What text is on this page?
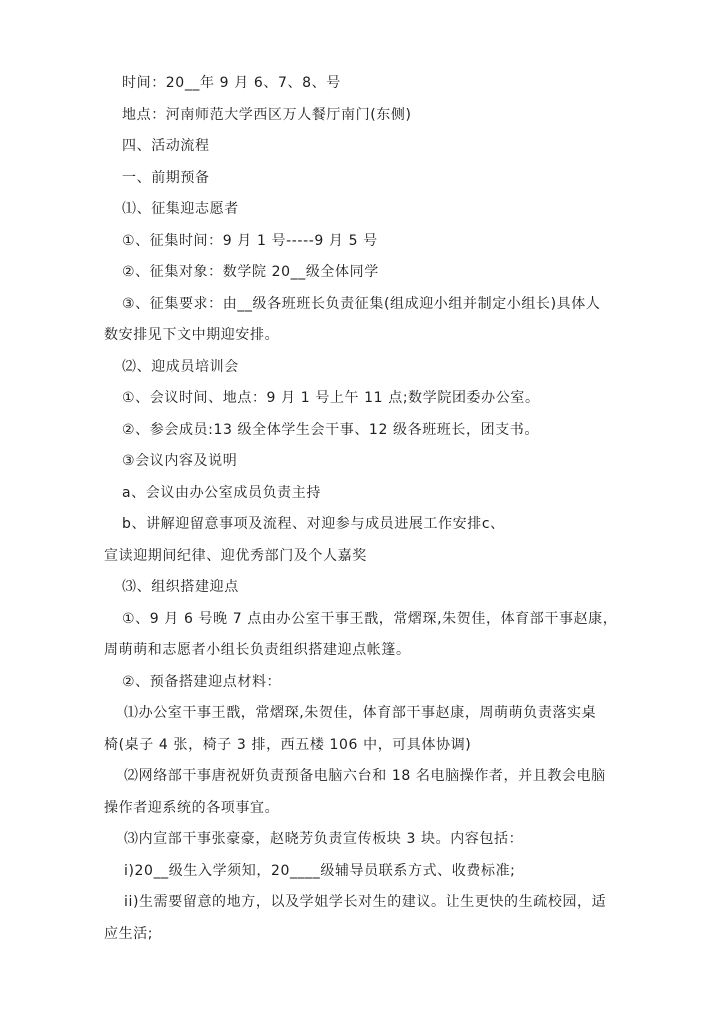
时间：20__年 9 月 6、7、8、号
地点：河南师范大学西区万人餐厅南门(东侧)
四、活动流程
一、前期预备
⑴、征集迎志愿者
①、征集时间：9 月 1 号-----9 月 5 号
②、征集对象：数学院 20__级全体同学
③、征集要求：由__级各班班长负责征集(组成迎小组并制定小组长)具体人
数安排见下文中期迎安排。
⑵、迎成员培训会
①、会议时间、地点：9 月 1 号上午 11 点;数学院团委办公室。
②、参会成员:13 级全体学生会干事、12 级各班班长，团支书。
③会议内容及说明
a、会议由办公室成员负责主持
b、讲解迎留意事项及流程、对迎参与成员进展工作安排c、
宣读迎期间纪律、迎优秀部门及个人嘉奖
⑶、组织搭建迎点
①、9 月 6 号晚 7 点由办公室干事王戬，常熠琛,朱贺佳，体育部干事赵康，
周萌萌和志愿者小组长负责组织搭建迎点帐篷。
②、预备搭建迎点材料：
⑴办公室干事王戬，常熠琛,朱贺佳，体育部干事赵康，周萌萌负责落实桌
椅(桌子 4 张，椅子 3 排，西五楼 106 中，可具体协调)
⑵网络部干事唐祝妍负责预备电脑六台和 18 名电脑操作者，并且教会电脑
操作者迎系统的各项事宜。
⑶内宣部干事张豪豪，赵晓芳负责宣传板块 3 块。内容包括：
i)20__级生入学须知，20____级辅导员联系方式、收费标准;
ii)生需要留意的地方，以及学姐学长对生的建议。让生更快的生疏校园，适
应生活;
